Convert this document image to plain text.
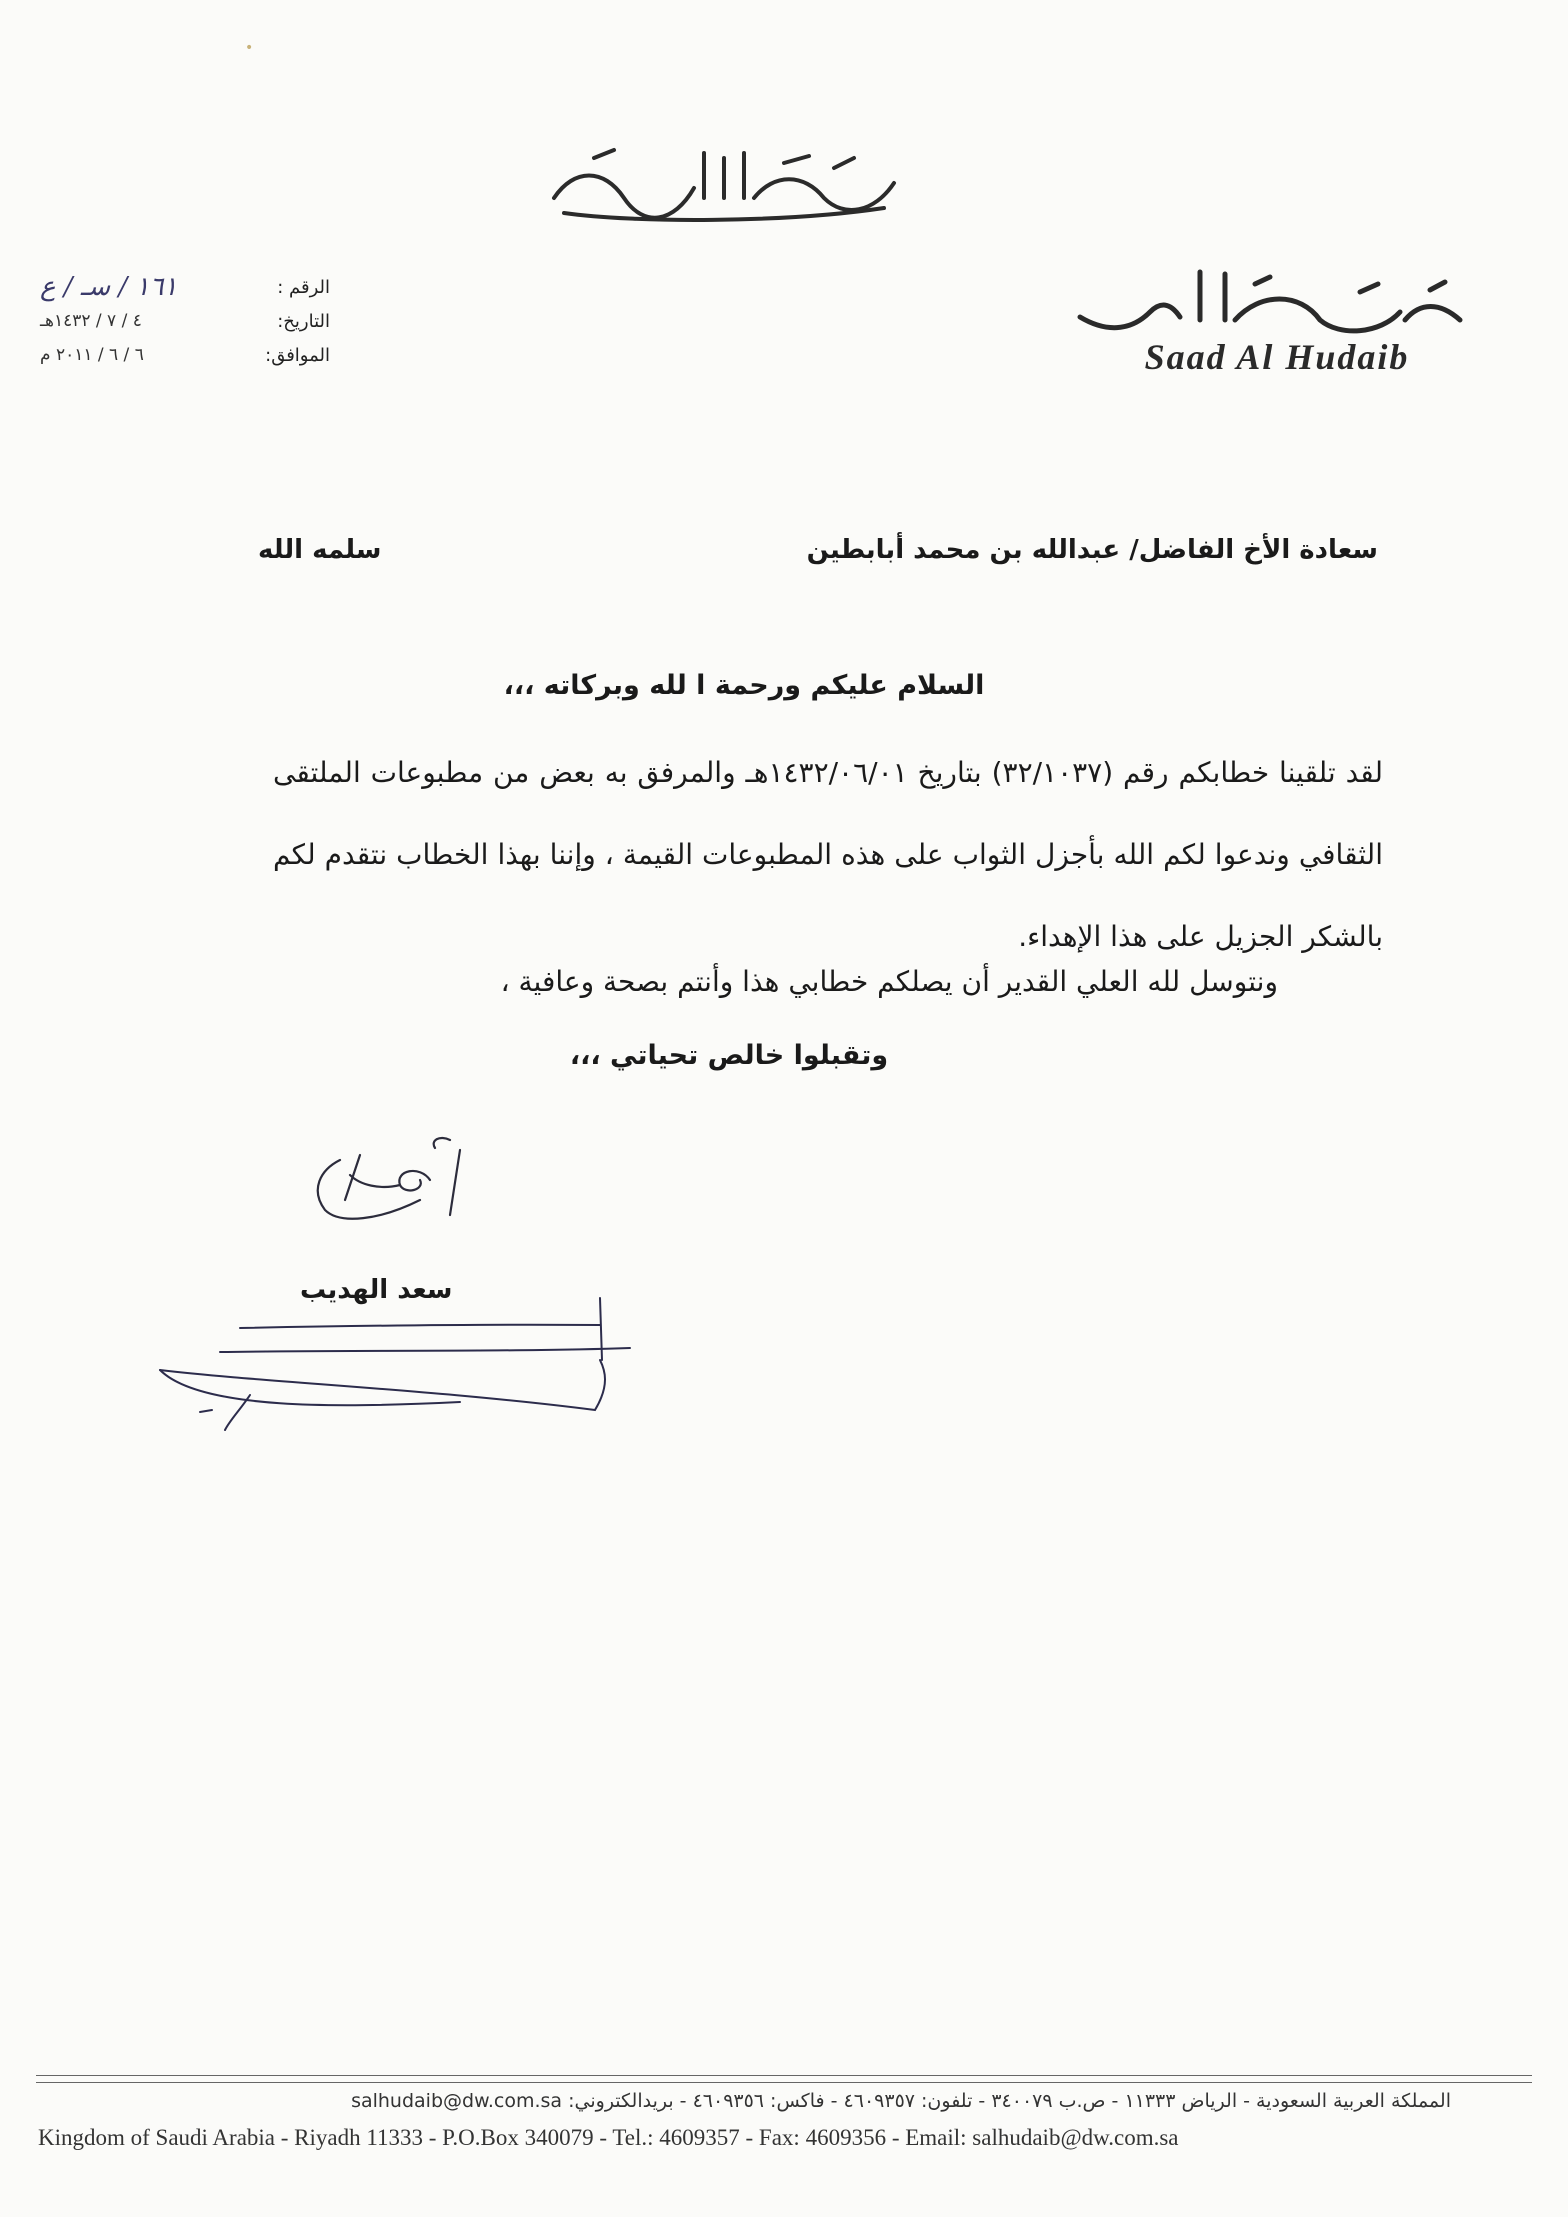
•
Saad Al Hudaib
الرقم :
١٦١ / سـ / ع
التاريخ:
٤ / ٧ / ١٤٣٢هـ
الموافق:
٦ / ٦ / ٢٠١١ م
سعادة الأخ الفاضل/ عبدالله بن محمد أبابطين
سلمه الله
السلام عليكم ورحمة ا لله وبركاته ،،،
لقد تلقينا خطابكم رقم (٣٢/١٠٣٧) بتاريخ ١٤٣٢/٠٦/٠١هـ والمرفق به بعض من مطبوعات الملتقى الثقافي وندعوا لكم الله بأجزل الثواب على هذه المطبوعات القيمة ، وإننا بهذا الخطاب نتقدم لكم بالشكر الجزيل على هذا الإهداء.
ونتوسل لله العلي القدير أن يصلكم خطابي هذا وأنتم بصحة وعافية ،
وتقبلوا خالص تحياتي ،،،
سعد الهديب
المملكة العربية السعودية - الرياض ١١٣٣٣ - ص.ب ٣٤٠٠٧٩ - تلفون: ٤٦٠٩٣٥٧ - فاكس: ٤٦٠٩٣٥٦ - بريدالكتروني: salhudaib@dw.com.sa
Kingdom of Saudi Arabia - Riyadh 11333 - P.O.Box 340079 - Tel.: 4609357 - Fax: 4609356 - Email: salhudaib@dw.com.sa
